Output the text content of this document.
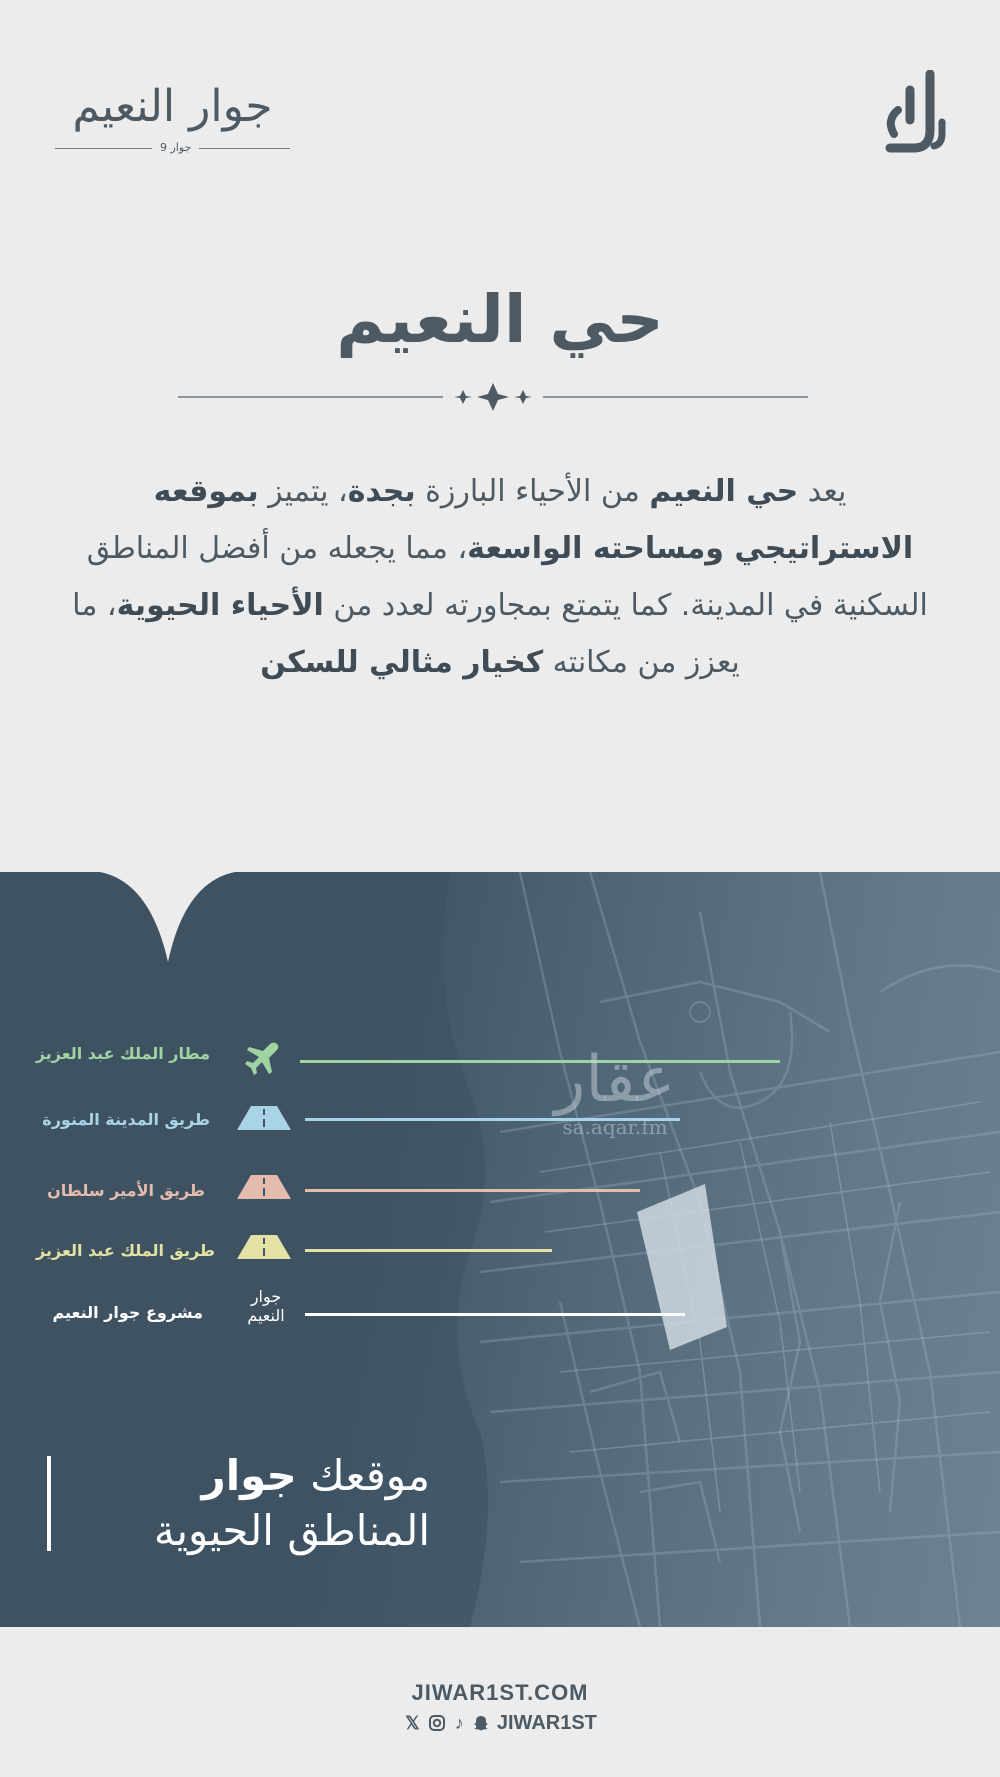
جوار النعيم
جوار 9
حي النعيم
يعد حي النعيم من الأحياء البارزة بجدة، يتميز بموقعه الاستراتيجي ومساحته الواسعة، مما يجعله من أفضل المناطق السكنية في المدينة. كما يتمتع بمجاورته لعدد من الأحياء الحيوية، ما يعزز من مكانته كخيار مثالي للسكن
مطار الملك عبد العزيز
طريق المدينة المنورة
طريق الأمير سلطان
طريق الملك عبد العزيز
مشروع جوار النعيم
جوار
النعيم
عقار
sa.aqar.fm
موقعك جوار
المناطق الحيوية
JIWAR1ST.COM
𝕏 ♪ JIWAR1ST
